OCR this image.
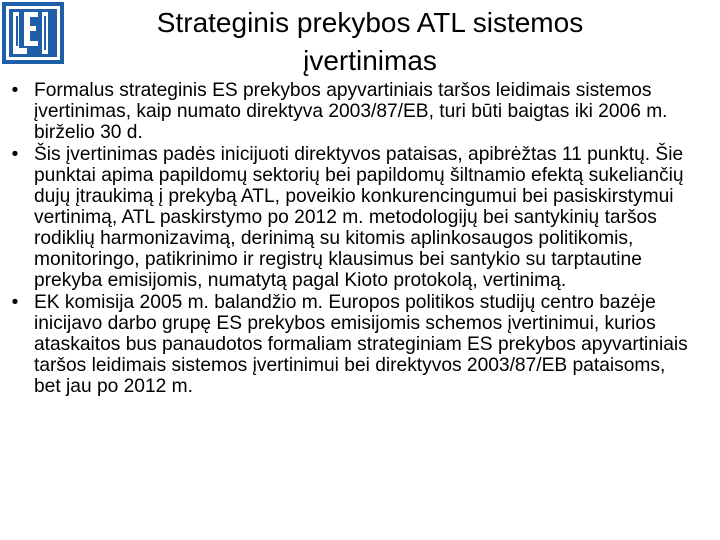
Strateginis prekybos ATL sistemos
įvertinimas
• Formalus strateginis ES prekybos apyvartiniais taršos leidimais sistemos įvertinimas, kaip numato direktyva 2003/87/EB, turi būti baigtas iki 2006 m. birželio 30 d.
• Šis įvertinimas padės inicijuoti direktyvos pataisas, apibrėžtas 11 punktų. Šie punktai apima papildomų sektorių bei papildomų šiltnamio efektą sukeliančių dujų įtraukimą į prekybą ATL, poveikio konkurencingumui bei pasiskirstymui vertinimą, ATL paskirstymo po 2012 m. metodologijų bei santykinių taršos rodiklių harmonizavimą, derinimą su kitomis aplinkosaugos politikomis, monitoringo, patikrinimo ir registrų klausimus bei santykio su tarptautine prekyba emisijomis, numatytą pagal Kioto protokolą, vertinimą.
• EK komisija 2005 m. balandžio m. Europos politikos studijų centro bazėje inicijavo darbo grupę ES prekybos emisijomis schemos įvertinimui, kurios ataskaitos bus panaudotos formaliam strateginiam ES prekybos apyvartiniais taršos leidimais sistemos įvertinimui bei direktyvos 2003/87/EB pataisoms, bet jau po 2012 m.
